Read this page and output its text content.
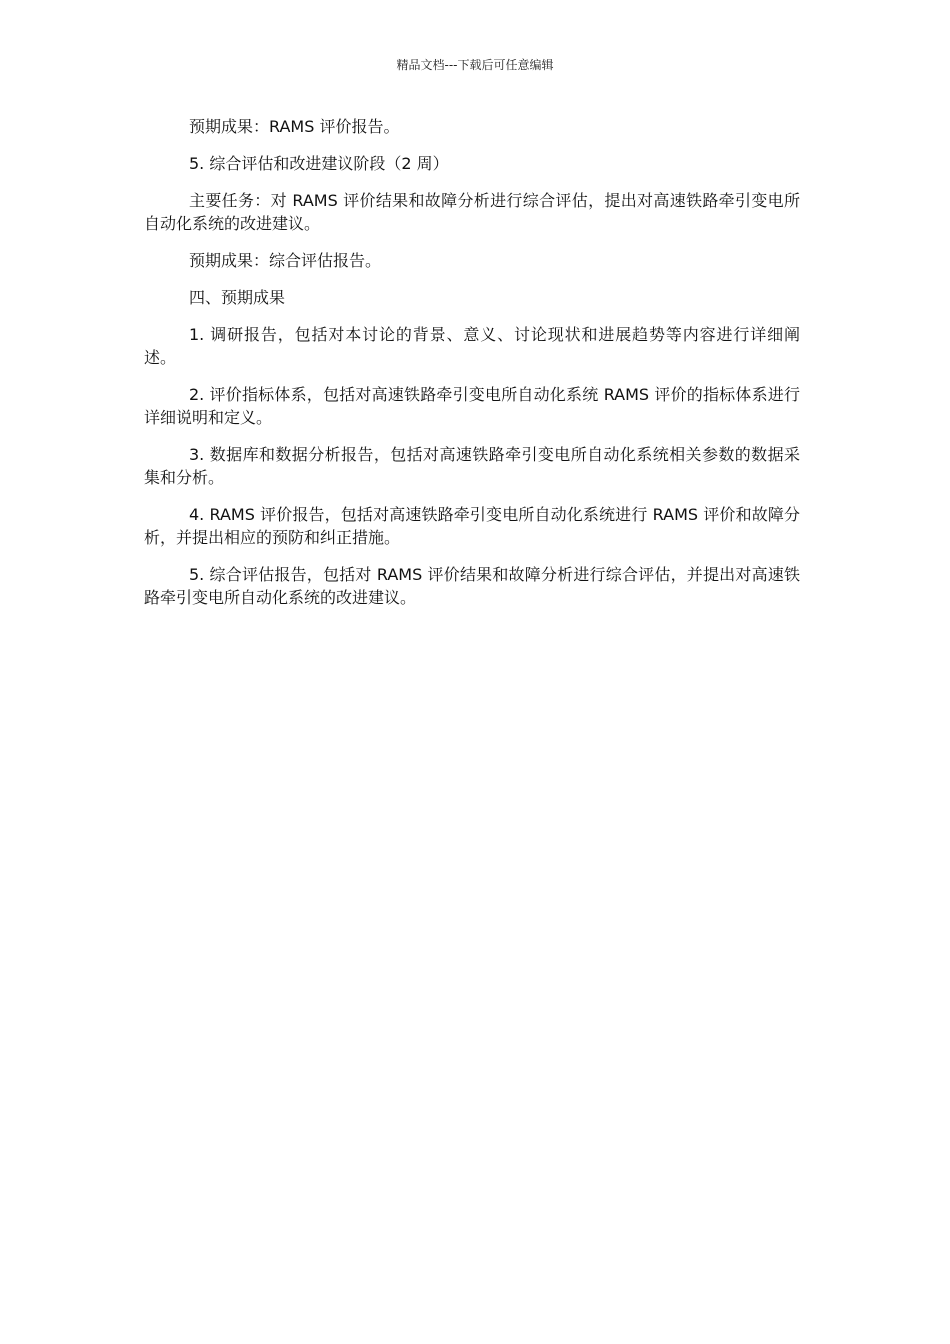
精品文档---下载后可任意编辑

预期成果：RAMS 评价报告。

5. 综合评估和改进建议阶段（2 周）

主要任务：对 RAMS 评价结果和故障分析进行综合评估，提出对高速铁路牵引变电所自动化系统的改进建议。

预期成果：综合评估报告。

四、预期成果

1. 调研报告，包括对本讨论的背景、意义、讨论现状和进展趋势等内容进行详细阐述。

2. 评价指标体系，包括对高速铁路牵引变电所自动化系统 RAMS 评价的指标体系进行详细说明和定义。

3. 数据库和数据分析报告，包括对高速铁路牵引变电所自动化系统相关参数的数据采集和分析。

4. RAMS 评价报告，包括对高速铁路牵引变电所自动化系统进行 RAMS 评价和故障分析，并提出相应的预防和纠正措施。

5. 综合评估报告，包括对 RAMS 评价结果和故障分析进行综合评估，并提出对高速铁路牵引变电所自动化系统的改进建议。
